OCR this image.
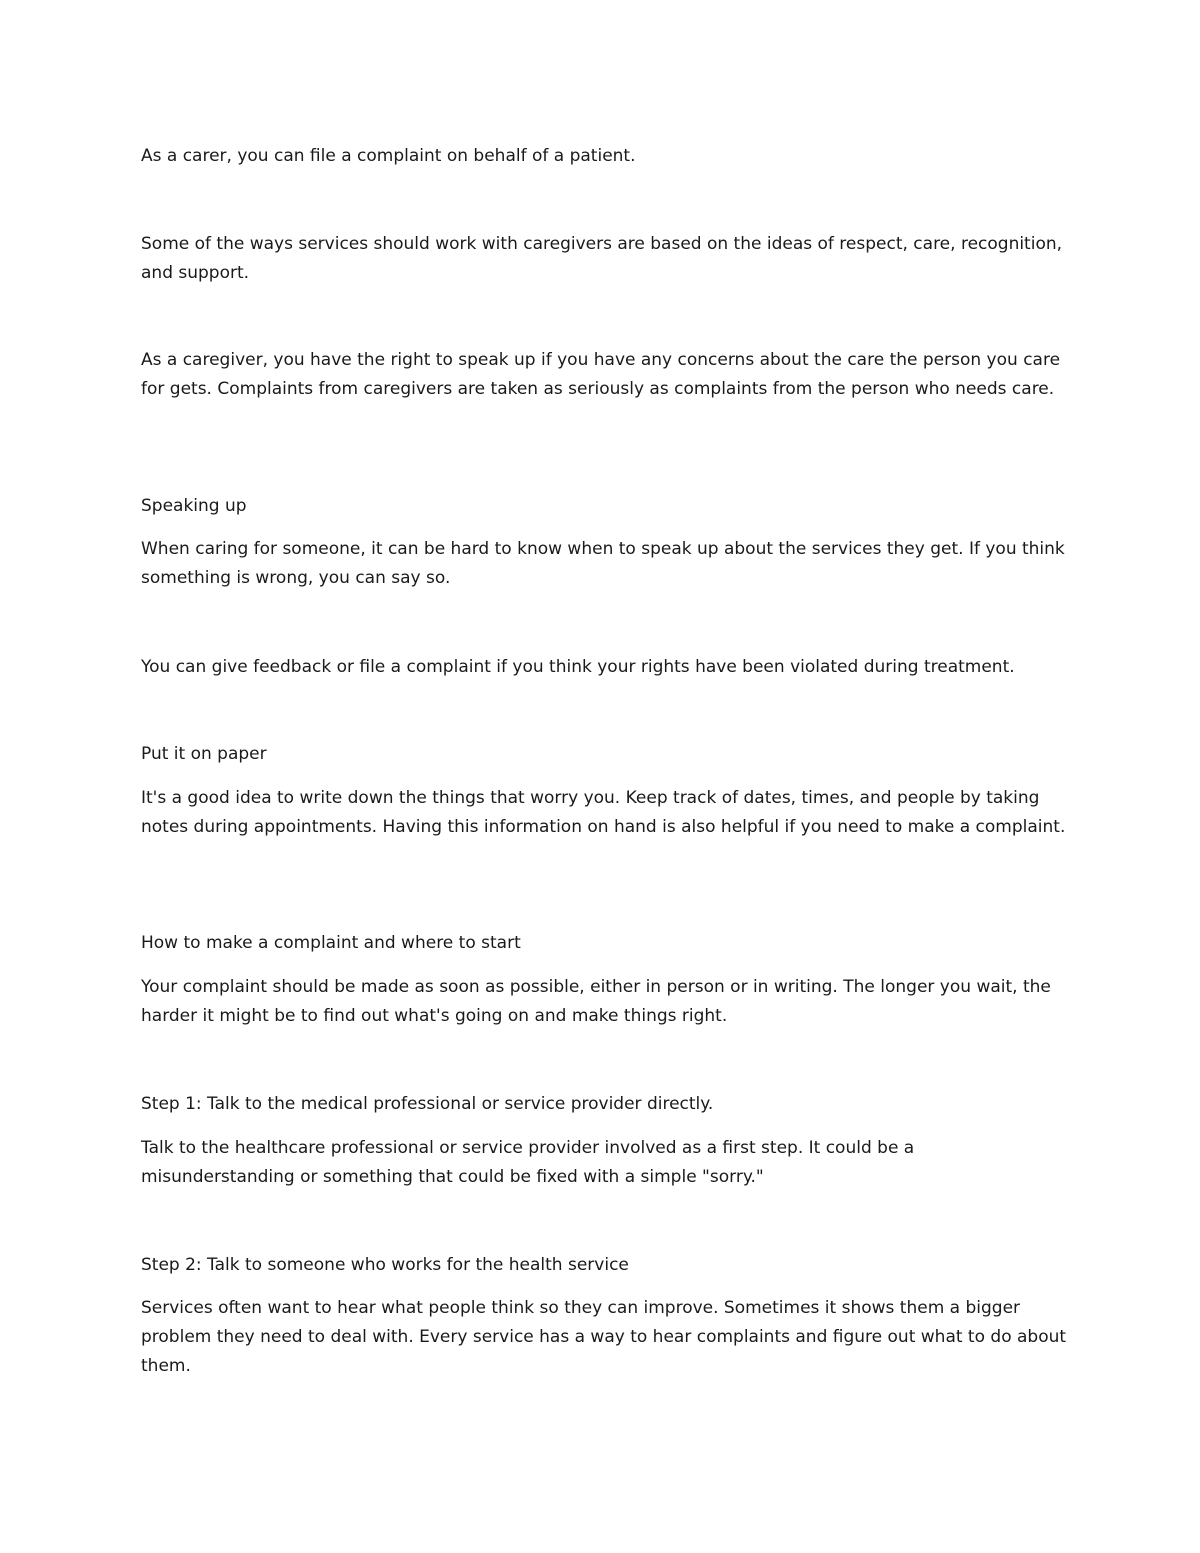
As a carer, you can file a complaint on behalf of a patient.

Some of the ways services should work with caregivers are based on the ideas of respect, care, recognition, and support.

As a caregiver, you have the right to speak up if you have any concerns about the care the person you care for gets. Complaints from caregivers are taken as seriously as complaints from the person who needs care.

Speaking up

When caring for someone, it can be hard to know when to speak up about the services they get. If you think something is wrong, you can say so.

You can give feedback or file a complaint if you think your rights have been violated during treatment.

Put it on paper

It's a good idea to write down the things that worry you. Keep track of dates, times, and people by taking notes during appointments. Having this information on hand is also helpful if you need to make a complaint.

How to make a complaint and where to start

Your complaint should be made as soon as possible, either in person or in writing. The longer you wait, the harder it might be to find out what's going on and make things right.

Step 1: Talk to the medical professional or service provider directly.

Talk to the healthcare professional or service provider involved as a first step. It could be a misunderstanding or something that could be fixed with a simple "sorry."

Step 2: Talk to someone who works for the health service

Services often want to hear what people think so they can improve. Sometimes it shows them a bigger problem they need to deal with. Every service has a way to hear complaints and figure out what to do about them.
